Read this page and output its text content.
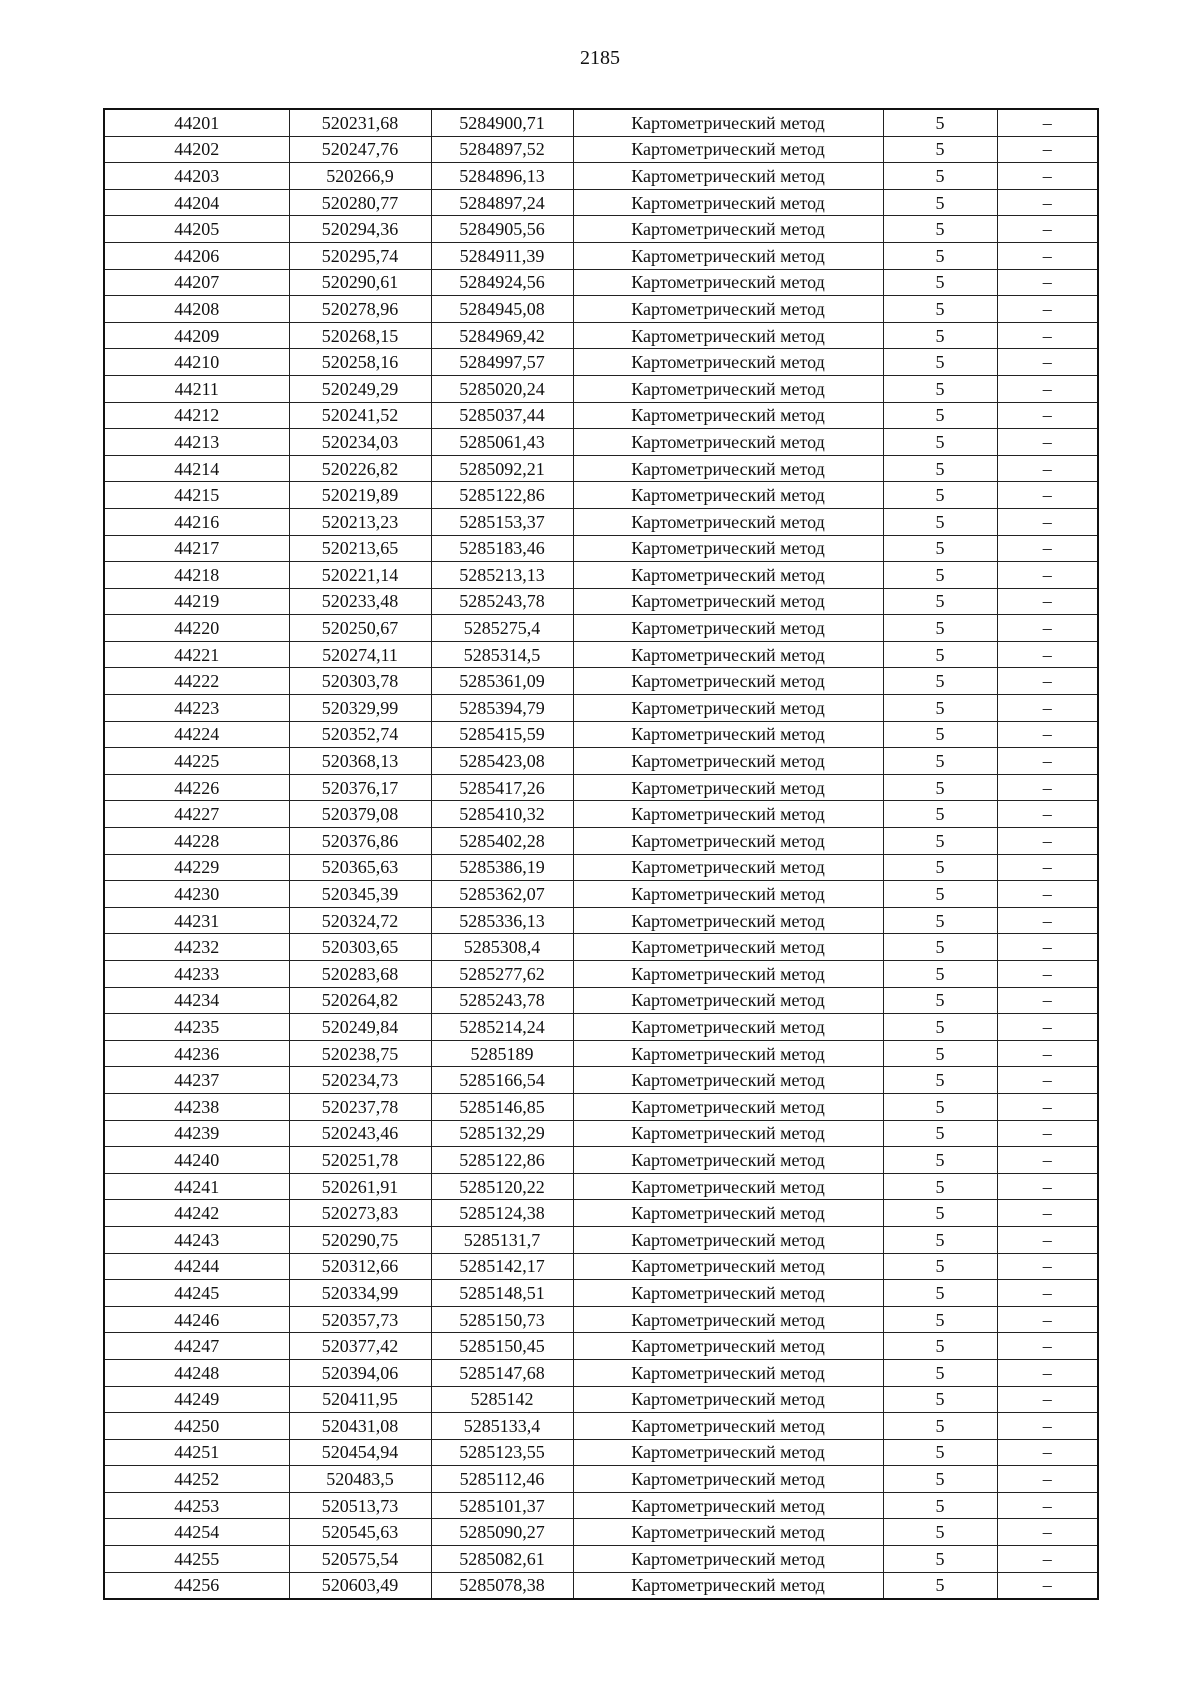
2185
44201	520231,68	5284900,71	Картометрический метод	5	–
44202	520247,76	5284897,52	Картометрический метод	5	–
44203	520266,9	5284896,13	Картометрический метод	5	–
44204	520280,77	5284897,24	Картометрический метод	5	–
44205	520294,36	5284905,56	Картометрический метод	5	–
44206	520295,74	5284911,39	Картометрический метод	5	–
44207	520290,61	5284924,56	Картометрический метод	5	–
44208	520278,96	5284945,08	Картометрический метод	5	–
44209	520268,15	5284969,42	Картометрический метод	5	–
44210	520258,16	5284997,57	Картометрический метод	5	–
44211	520249,29	5285020,24	Картометрический метод	5	–
44212	520241,52	5285037,44	Картометрический метод	5	–
44213	520234,03	5285061,43	Картометрический метод	5	–
44214	520226,82	5285092,21	Картометрический метод	5	–
44215	520219,89	5285122,86	Картометрический метод	5	–
44216	520213,23	5285153,37	Картометрический метод	5	–
44217	520213,65	5285183,46	Картометрический метод	5	–
44218	520221,14	5285213,13	Картометрический метод	5	–
44219	520233,48	5285243,78	Картометрический метод	5	–
44220	520250,67	5285275,4	Картометрический метод	5	–
44221	520274,11	5285314,5	Картометрический метод	5	–
44222	520303,78	5285361,09	Картометрический метод	5	–
44223	520329,99	5285394,79	Картометрический метод	5	–
44224	520352,74	5285415,59	Картометрический метод	5	–
44225	520368,13	5285423,08	Картометрический метод	5	–
44226	520376,17	5285417,26	Картометрический метод	5	–
44227	520379,08	5285410,32	Картометрический метод	5	–
44228	520376,86	5285402,28	Картометрический метод	5	–
44229	520365,63	5285386,19	Картометрический метод	5	–
44230	520345,39	5285362,07	Картометрический метод	5	–
44231	520324,72	5285336,13	Картометрический метод	5	–
44232	520303,65	5285308,4	Картометрический метод	5	–
44233	520283,68	5285277,62	Картометрический метод	5	–
44234	520264,82	5285243,78	Картометрический метод	5	–
44235	520249,84	5285214,24	Картометрический метод	5	–
44236	520238,75	5285189	Картометрический метод	5	–
44237	520234,73	5285166,54	Картометрический метод	5	–
44238	520237,78	5285146,85	Картометрический метод	5	–
44239	520243,46	5285132,29	Картометрический метод	5	–
44240	520251,78	5285122,86	Картометрический метод	5	–
44241	520261,91	5285120,22	Картометрический метод	5	–
44242	520273,83	5285124,38	Картометрический метод	5	–
44243	520290,75	5285131,7	Картометрический метод	5	–
44244	520312,66	5285142,17	Картометрический метод	5	–
44245	520334,99	5285148,51	Картометрический метод	5	–
44246	520357,73	5285150,73	Картометрический метод	5	–
44247	520377,42	5285150,45	Картометрический метод	5	–
44248	520394,06	5285147,68	Картометрический метод	5	–
44249	520411,95	5285142	Картометрический метод	5	–
44250	520431,08	5285133,4	Картометрический метод	5	–
44251	520454,94	5285123,55	Картометрический метод	5	–
44252	520483,5	5285112,46	Картометрический метод	5	–
44253	520513,73	5285101,37	Картометрический метод	5	–
44254	520545,63	5285090,27	Картометрический метод	5	–
44255	520575,54	5285082,61	Картометрический метод	5	–
44256	520603,49	5285078,38	Картометрический метод	5	–
